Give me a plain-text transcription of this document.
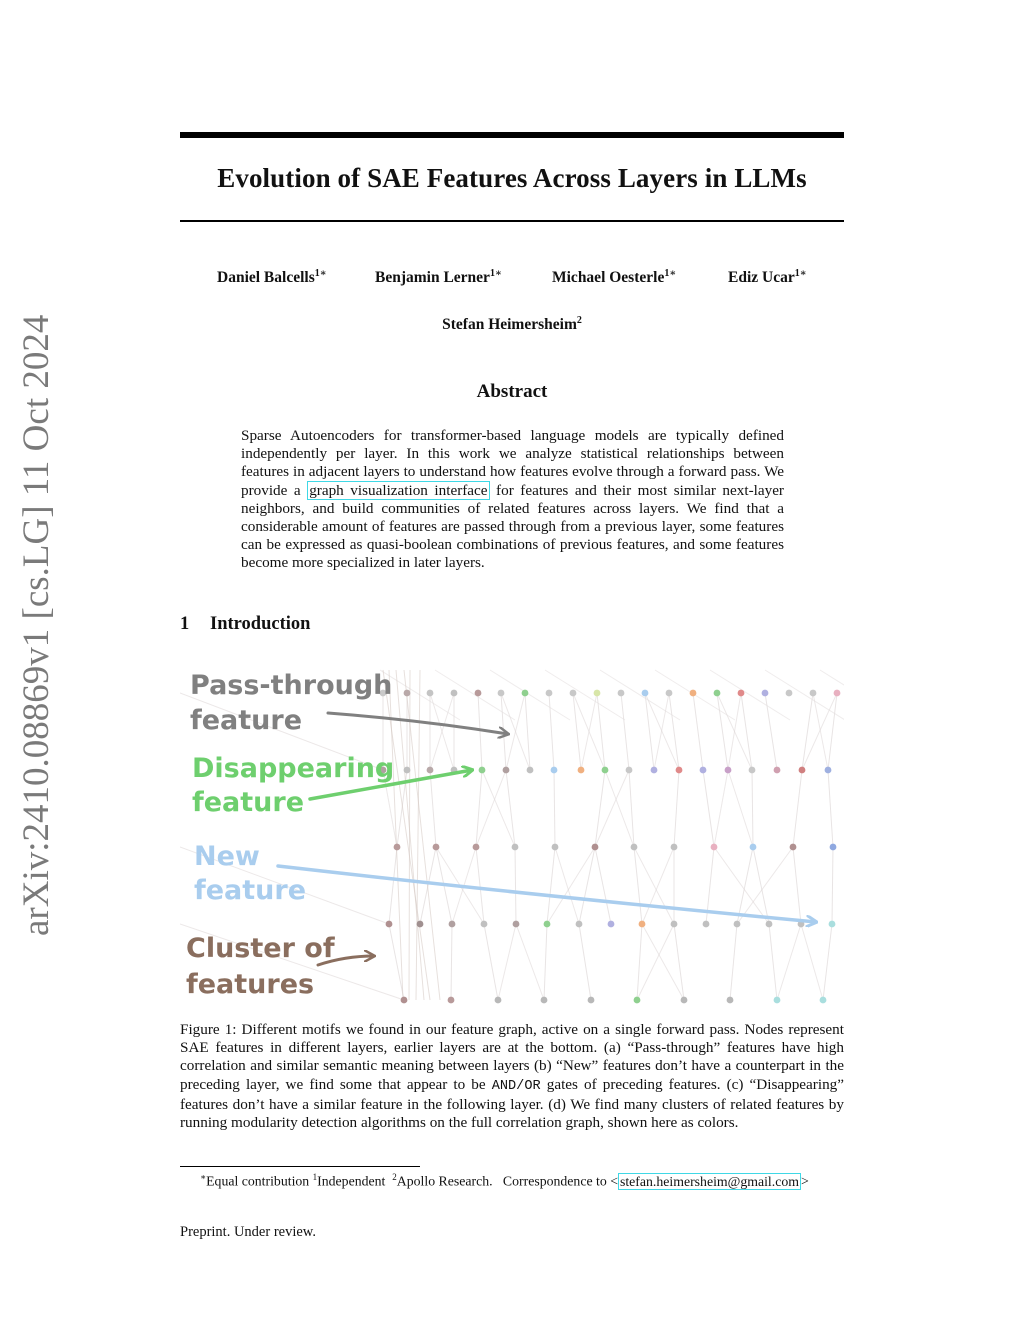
arXiv:2410.08869v1 [cs.LG] 11 Oct 2024
Evolution of SAE Features Across Layers in LLMs
Daniel Balcells$^{1∗}$	Benjamin Lerner$^{1∗}$	Michael Oesterle$^{1∗}$	Ediz Ucar$^{1∗}$
Stefan Heimersheim$^2$
Abstract
Sparse Autoencoders for transformer-based language models are typically defined independently per layer. In this work we analyze statistical relationships between features in adjacent layers to understand how features evolve through a forward pass. We provide a graph visualization interface for features and their most similar next-layer neighbors, and build communities of related features across layers. We find that a considerable amount of features are passed through from a previous layer, some features can be expressed as quasi-boolean combinations of previous features, and some features become more specialized in later layers.
1 Introduction
Pass-through
feature
Disappearing
feature
New
feature
Cluster of
features
Figure 1: Different motifs we found in our feature graph, active on a single forward pass. Nodes represent SAE features in different layers, earlier layers are at the bottom. (a) “Pass-through” features have high correlation and similar semantic meaning between layers (b) “New” features don’t have a counterpart in the preceding layer, we find some that appear to be AND/OR gates of preceding features. (c) “Disappearing” features don’t have a similar feature in the following layer. (d) We find many clusters of related features by running modularity detection algorithms on the full correlation graph, shown here as colors.
∗Equal contribution $^1$Independent $^2$Apollo Research. Correspondence to < stefan.heimersheim@gmail.com >
Preprint. Under review.
